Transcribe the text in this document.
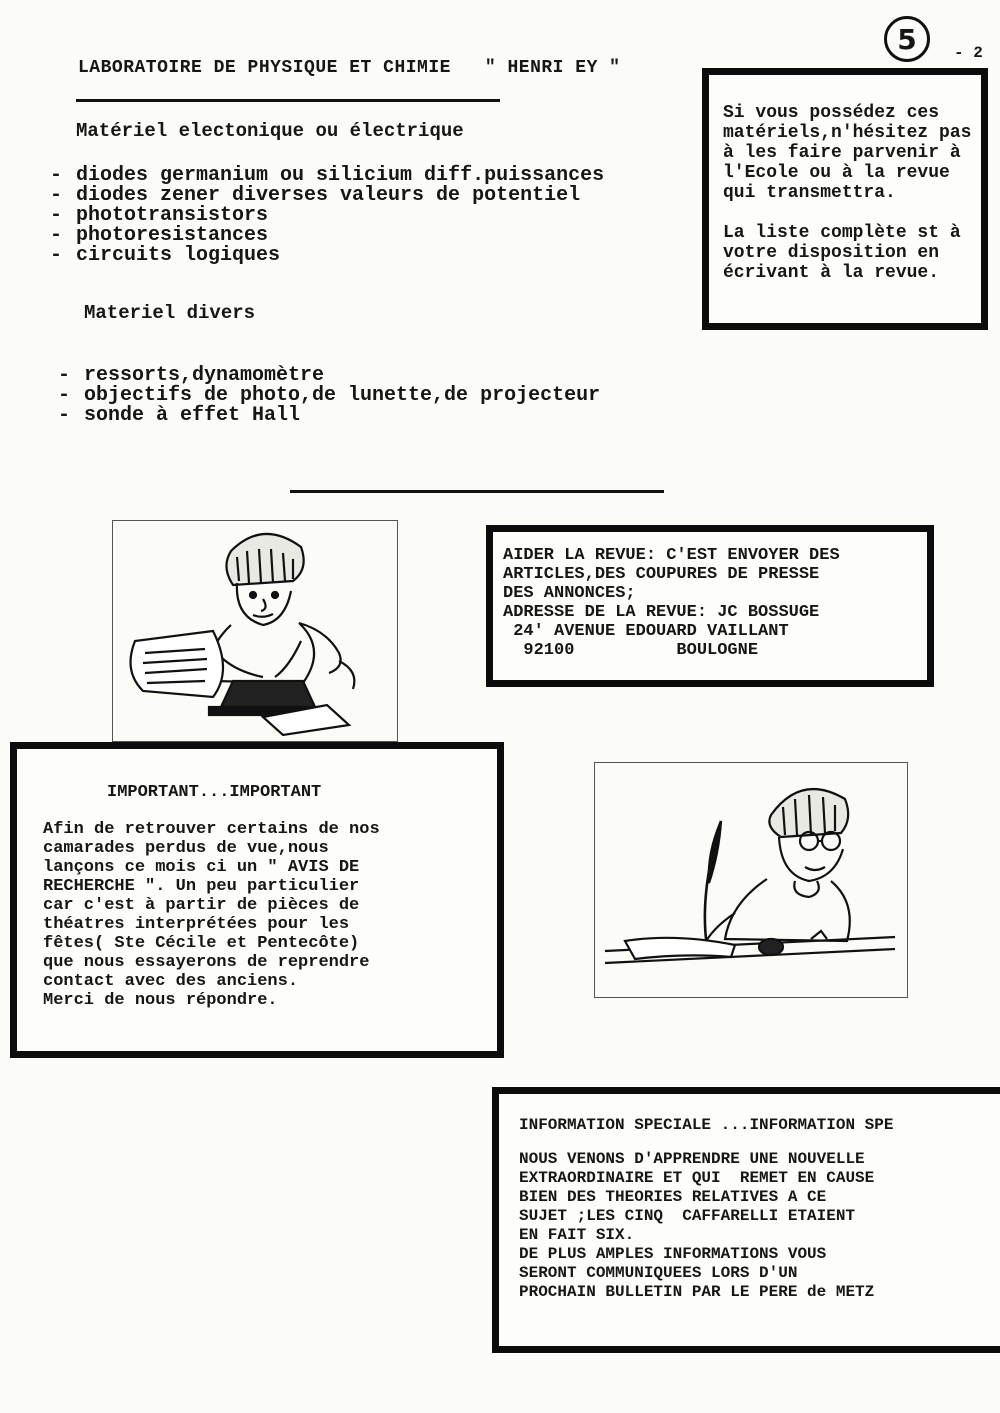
5 - 2
LABORATOIRE DE PHYSIQUE ET CHIMIE   " HENRI EY "
Matériel electonique ou électrique
- diodes germanium ou silicium diff.puissances
- diodes zener diverses valeurs de potentiel
- phototransistors
- photoresistances
- circuits logiques
Materiel divers
- ressorts,dynamomètre
- objectifs de photo,de lunette,de projecteur
- sonde à effet Hall

Si vous possédez ces matériels,n'hésitez pas à les faire parvenir à l'Ecole ou à la revue qui transmettra.

La liste complète st à votre disposition en écrivant à la revue.

AIDER LA REVUE: C'EST ENVOYER DES
ARTICLES,DES COUPURES DE PRESSE
DES ANNONCES;
ADRESSE DE LA REVUE: JC BOSSUGE
24' AVENUE EDOUARD VAILLANT
92100          BOULOGNE
IMPORTANT...IMPORTANT
Afin de retrouver certains de nos
camarades perdus de vue,nous
lançons ce mois ci un " AVIS DE
RECHERCHE ". Un peu particulier
car c'est à partir de pièces de
théatres interprétées pour les
fêtes( Ste Cécile et Pentecôte)
que nous essayerons de reprendre
contact avec des anciens.
Merci de nous répondre.
INFORMATION SPECIALE ...INFORMATION SPE
NOUS VENONS D'APPRENDRE UNE NOUVELLE
EXTRAORDINAIRE ET QUI  REMET EN CAUSE
BIEN DES THEORIES RELATIVES A CE
SUJET ;LES CINQ  CAFFARELLI ETAIENT
EN FAIT SIX.
DE PLUS AMPLES INFORMATIONS VOUS
SERONT COMMUNIQUEES LORS D'UN
PROCHAIN BULLETIN PAR LE PERE de METZ
